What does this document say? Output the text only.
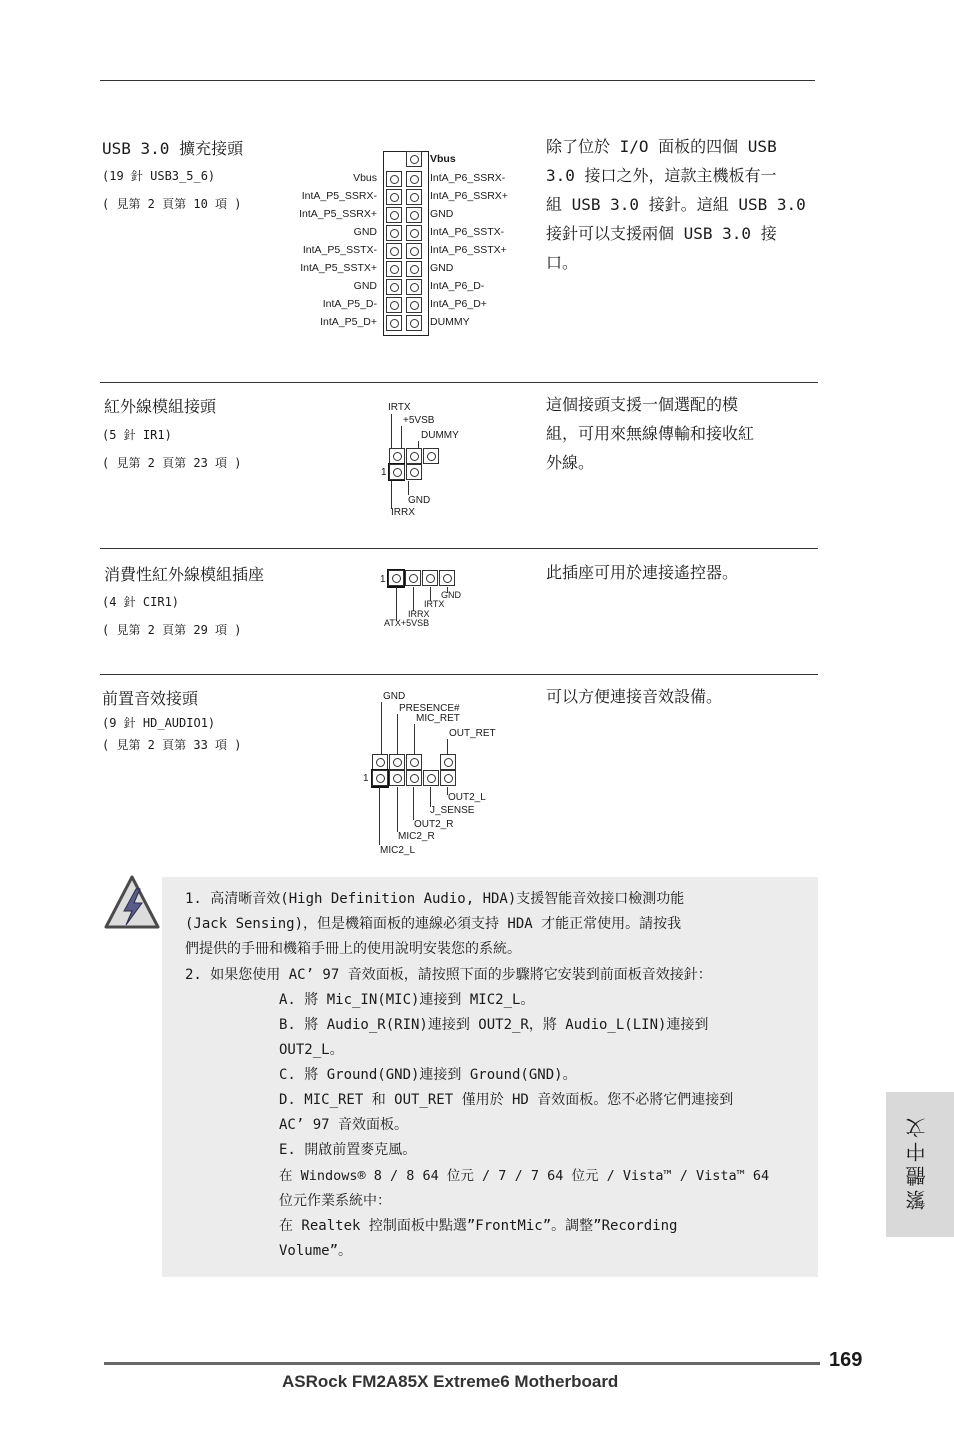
USB 3.0 擴充接頭
(19 針 USB3_5_6)
( 見第 2 頁第 10 項 )
除了位於 I/O 面板的四個 USB
3.0 接口之外，這款主機板有一
組 USB 3.0 接針。這組 USB 3.0
接針可以支援兩個 USB 3.0 接
口。
Vbus
Vbus
IntA_P5_SSRX-
IntA_P5_SSRX+
GND
IntA_P5_SSTX-
IntA_P5_SSTX+
GND
IntA_P5_D-
IntA_P5_D+
IntA_P6_SSRX-
IntA_P6_SSRX+
GND
IntA_P6_SSTX-
IntA_P6_SSTX+
GND
IntA_P6_D-
IntA_P6_D+
DUMMY
紅外線模組接頭
(5 針 IR1)
( 見第 2 頁第 23 項 )
這個接頭支援一個選配的模
組，可用來無線傳輸和接收紅
外線。
IRTX
+5VSB
DUMMY
1
GND
IRRX
消費性紅外線模組插座
(4 針 CIR1)
( 見第 2 頁第 29 項 )
此插座可用於連接遙控器。
1
GND
IRTX
IRRX
ATX+5VSB
前置音效接頭
(9 針 HD_AUDIO1)
( 見第 2 頁第 33 項 )
可以方便連接音效設備。
GND
PRESENCE#
MIC_RET
OUT_RET
1
OUT2_L
J_SENSE
OUT2_R
MIC2_R
MIC2_L
1. 高清晰音效(High Definition Audio, HDA)支援智能音效接口檢測功能
(Jack Sensing)，但是機箱面板的連線必須支持 HDA 才能正常使用。請按我
們提供的手冊和機箱手冊上的使用說明安裝您的系統。
2. 如果您使用 AC’ 97 音效面板，請按照下面的步驟將它安裝到前面板音效接針：
A. 將 Mic_IN(MIC)連接到 MIC2_L。
B. 將 Audio_R(RIN)連接到 OUT2_R，將 Audio_L(LIN)連接到
OUT2_L。
C. 將 Ground(GND)連接到 Ground(GND)。
D. MIC_RET 和 OUT_RET 僅用於 HD 音效面板。您不必將它們連接到
AC’ 97 音效面板。
E. 開啟前置麥克風。
在 Windows® 8 / 8 64 位元 / 7 / 7 64 位元 / Vista™ / Vista™ 64
位元作業系統中：
在 Realtek 控制面板中點選”FrontMic”。調整”Recording
Volume”。
繁體中文
169
ASRock FM2A85X Extreme6 Motherboard
